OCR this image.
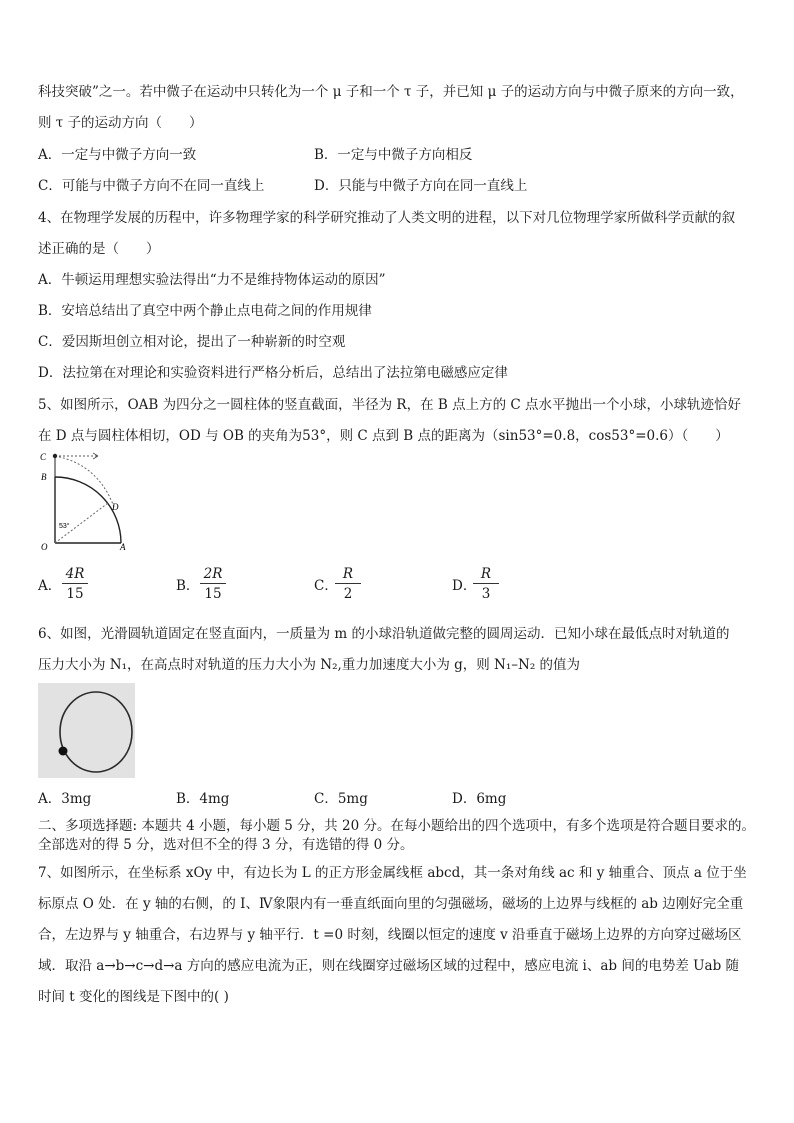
科技突破”之一。若中微子在运动中只转化为一个 μ 子和一个 τ 子，并已知 μ 子的运动方向与中微子原来的方向一致，
则 τ 子的运动方向（　　）
A．一定与中微子方向一致	B．一定与中微子方向相反
C．可能与中微子方向不在同一直线上	D．只能与中微子方向在同一直线上
4、在物理学发展的历程中，许多物理学家的科学研究推动了人类文明的进程，以下对几位物理学家所做科学贡献的叙
述正确的是（　　）
A．牛顿运用理想实验法得出“力不是维持物体运动的原因”
B．安培总结出了真空中两个静止点电荷之间的作用规律
C．爱因斯坦创立相对论，提出了一种崭新的时空观
D．法拉第在对理论和实验资料进行严格分析后，总结出了法拉第电磁感应定律
5、如图所示，OAB 为四分之一圆柱体的竖直截面，半径为 R，在 B 点上方的 C 点水平抛出一个小球，小球轨迹恰好
在 D 点与圆柱体相切，OD 与 OB 的夹角为53°，则 C 点到 B 点的距离为（sin53°=0.8，cos53°=0.6）（　　）
C
B
D
O	A
53°
A． $\frac{4R}{15}$	B． $\frac{2R}{15}$	C．
$\frac{R}{2}$	D．
$\frac{R}{3}$
6、如图，光滑圆轨道固定在竖直面内，一质量为 m 的小球沿轨道做完整的圆周运动．已知小球在最低点时对轨道的
压力大小为 N₁，在高点时对轨道的压力大小为 N₂,重力加速度大小为 g，则 N₁–N₂ 的值为
A．3mg	B．4mg	C．5mg	D．6mg
二、多项选择题: 本题共 4 小题，每小题 5 分，共 20 分。在每小题给出的四个选项中，有多个选项是符合题目要求的。
全部选对的得 5 分，选对但不全的得 3 分，有选错的得 0 分。
7、如图所示，在坐标系 xOy 中，有边长为 L 的正方形金属线框 abcd，其一条对角线 ac 和 y 轴重合、顶点 a 位于坐
标原点 O 处．在 y 轴的右侧，的 I、Ⅳ象限内有一垂直纸面向里的匀强磁场，磁场的上边界与线框的 ab 边刚好完全重
合，左边界与 y 轴重合，右边界与 y 轴平行．t =0 时刻，线圈以恒定的速度 v 沿垂直于磁场上边界的方向穿过磁场区
域．取沿 a→b→c→d→a 方向的感应电流为正，则在线圈穿过磁场区域的过程中，感应电流 i、ab 间的电势差 Uab 随
时间 t 变化的图线是下图中的( )
